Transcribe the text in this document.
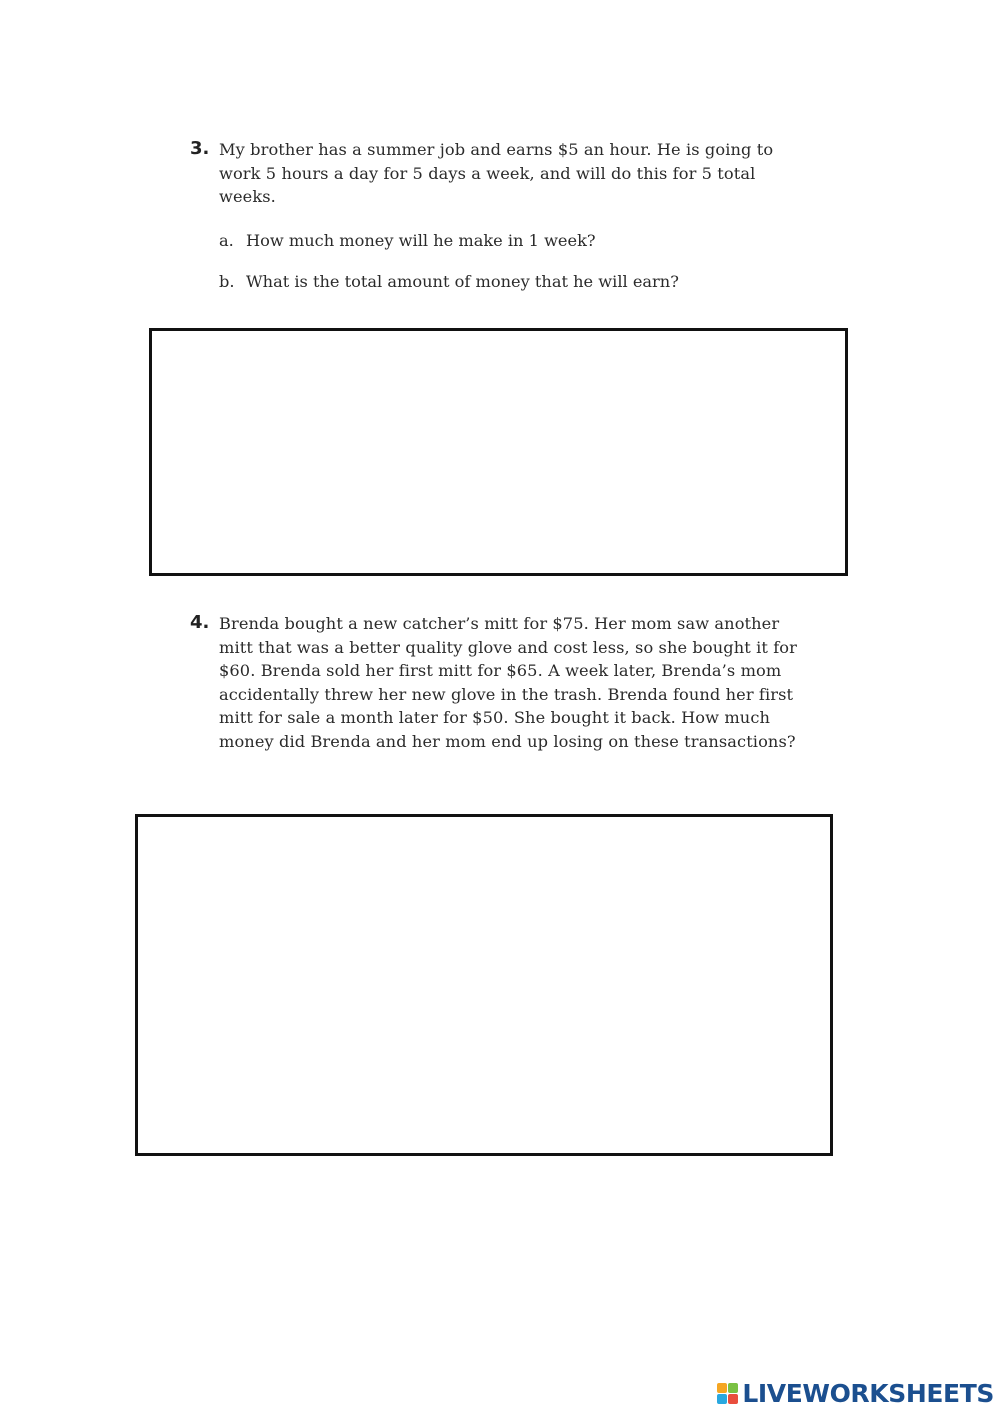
3. My brother has a summer job and earns $5 an hour. He is going to work 5 hours a day for 5 days a week, and will do this for 5 total weeks.
a. How much money will he make in 1 week?
b. What is the total amount of money that he will earn?
4. Brenda bought a new catcher’s mitt for $75. Her mom saw another mitt that was a better quality glove and cost less, so she bought it for $60. Brenda sold her first mitt for $65. A week later, Brenda’s mom accidentally threw her new glove in the trash. Brenda found her first mitt for sale a month later for $50. She bought it back. How much money did Brenda and her mom end up losing on these transactions?
LIVEWORKSHEETS
